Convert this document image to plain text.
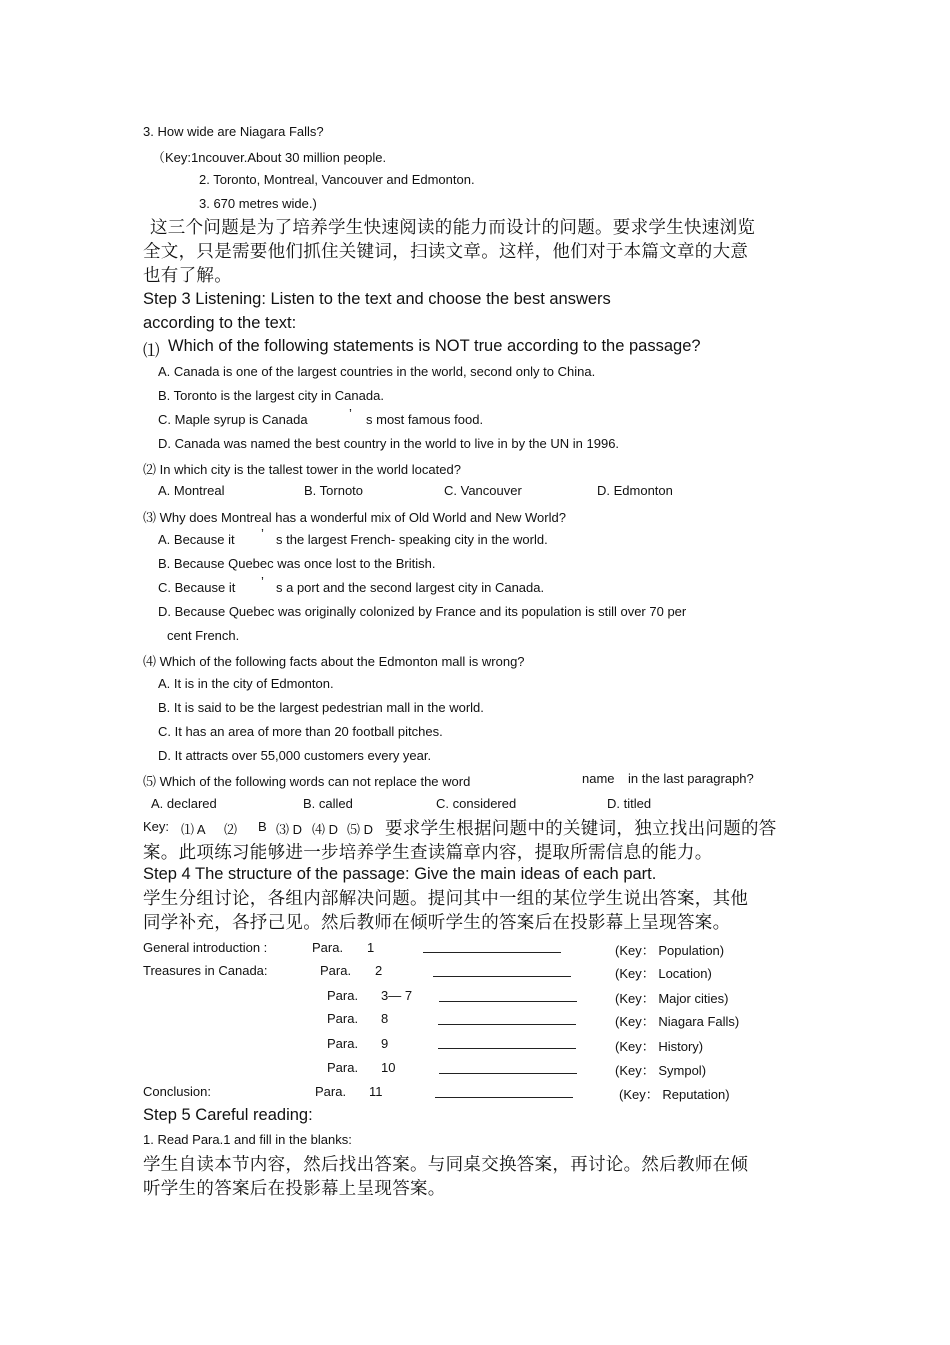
3. How wide are Niagara Falls?
（Key:1ncouver.About 30 million people.
2. Toronto, Montreal, Vancouver and Edmonton.
3. 670 metres wide.)
这三个问题是为了培养学生快速阅读的能力而设计的问题。要求学生快速浏览
全文，只是需要他们抓住关键词，扫读文章。这样，他们对于本篇文章的大意
也有了解。
Step 3 Listening: Listen to the text and choose the best answers
according to the text:
⑴ Which of the following statements is NOT true according to the passage?
A. Canada is one of the largest countries in the world, second only to China.
B. Toronto is the largest city in Canada.
C. Maple syrup is Canada	’ s most famous food.
D. Canada was named the best country in the world to live in by the UN in 1996.
⑵ In which city is the tallest tower in the world located?
A. Montreal	B. Tornoto	C. Vancouver	D. Edmonton
⑶ Why does Montreal has a wonderful mix of Old World and New World?
A. Because it ’ s the largest French- speaking city in the world.
B. Because Quebec was once lost to the British.
C. Because it ’ s a port and the second largest city in Canada.
D. Because Quebec was originally colonized by France and its population is still over 70 per
cent French.
⑷ Which of the following facts about the Edmonton mall is wrong?
A. It is in the city of Edmonton.
B. It is said to be the largest pedestrian mall in the world.
C. It has an area of more than 20 football pitches.
D. It attracts over 55,000 customers every year.
⑸ Which of the following words can not replace the word	name in the last paragraph?
A. declared	B. called	C. considered	D. titled
Key: ⑴ A ⑵ B ⑶ D ⑷ D ⑸ D 要求学生根据问题中的关键词，独立找出问题的答
案。此项练习能够进一步培养学生查读篇章内容，提取所需信息的能力。
Step 4 The structure of the passage: Give the main ideas of each part.
学生分组讨论，各组内部解决问题。提问其中一组的某位学生说出答案，其他
同学补充，各抒己见。然后教师在倾听学生的答案后在投影幕上呈现答案。
General introduction :	Para. 1	(Key： Population)
Treasures in Canada:	Para. 2	(Key： Location)
Para. 3— 7	(Key： Major cities)
Para. 8	(Key： Niagara Falls)
Para. 9	(Key： History)
Para. 10	(Key： Sympol)
Conclusion:	Para. 11	(Key： Reputation)
Step 5 Careful reading:
1. Read Para.1 and fill in the blanks:
学生自读本节内容，然后找出答案。与同桌交换答案，再讨论。然后教师在倾
听学生的答案后在投影幕上呈现答案。
